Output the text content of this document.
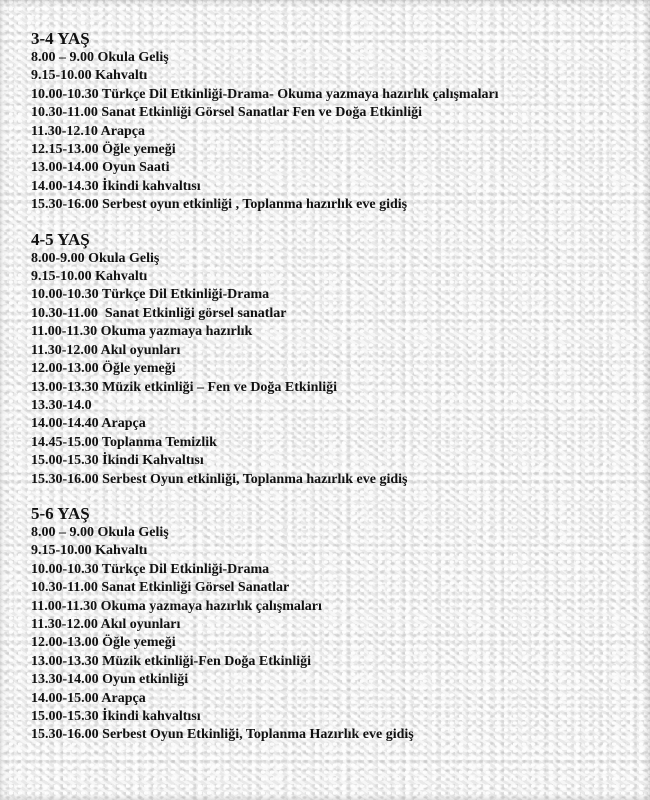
3-4 YAŞ
8.00 – 9.00 Okula Geliş
9.15-10.00 Kahvaltı
10.00-10.30 Türkçe Dil Etkinliği-Drama- Okuma yazmaya hazırlık çalışmaları
10.30-11.00 Sanat Etkinliği Görsel Sanatlar Fen ve Doğa Etkinliği
11.30-12.10 Arapça
12.15-13.00 Öğle yemeği
13.00-14.00 Oyun Saati
14.00-14.30 İkindi kahvaltısı
15.30-16.00 Serbest oyun etkinliği , Toplanma hazırlık eve gidiş
4-5 YAŞ
8.00-9.00 Okula Geliş
9.15-10.00 Kahvaltı
10.00-10.30 Türkçe Dil Etkinliği-Drama
10.30-11.00  Sanat Etkinliği görsel sanatlar
11.00-11.30 Okuma yazmaya hazırlık
11.30-12.00 Akıl oyunları
12.00-13.00 Öğle yemeği
13.00-13.30 Müzik etkinliği – Fen ve Doğa Etkinliği
13.30-14.0
14.00-14.40 Arapça
14.45-15.00 Toplanma Temizlik
15.00-15.30 İkindi Kahvaltısı
15.30-16.00 Serbest Oyun etkinliği, Toplanma hazırlık eve gidiş
5-6 YAŞ
8.00 – 9.00 Okula Geliş
9.15-10.00 Kahvaltı
10.00-10.30 Türkçe Dil Etkinliği-Drama
10.30-11.00 Sanat Etkinliği Görsel Sanatlar
11.00-11.30 Okuma yazmaya hazırlık çalışmaları
11.30-12.00 Akıl oyunları
12.00-13.00 Öğle yemeği
13.00-13.30 Müzik etkinliği-Fen Doğa Etkinliği
13.30-14.00 Oyun etkinliği
14.00-15.00 Arapça
15.00-15.30 İkindi kahvaltısı
15.30-16.00 Serbest Oyun Etkinliği, Toplanma Hazırlık eve gidiş
